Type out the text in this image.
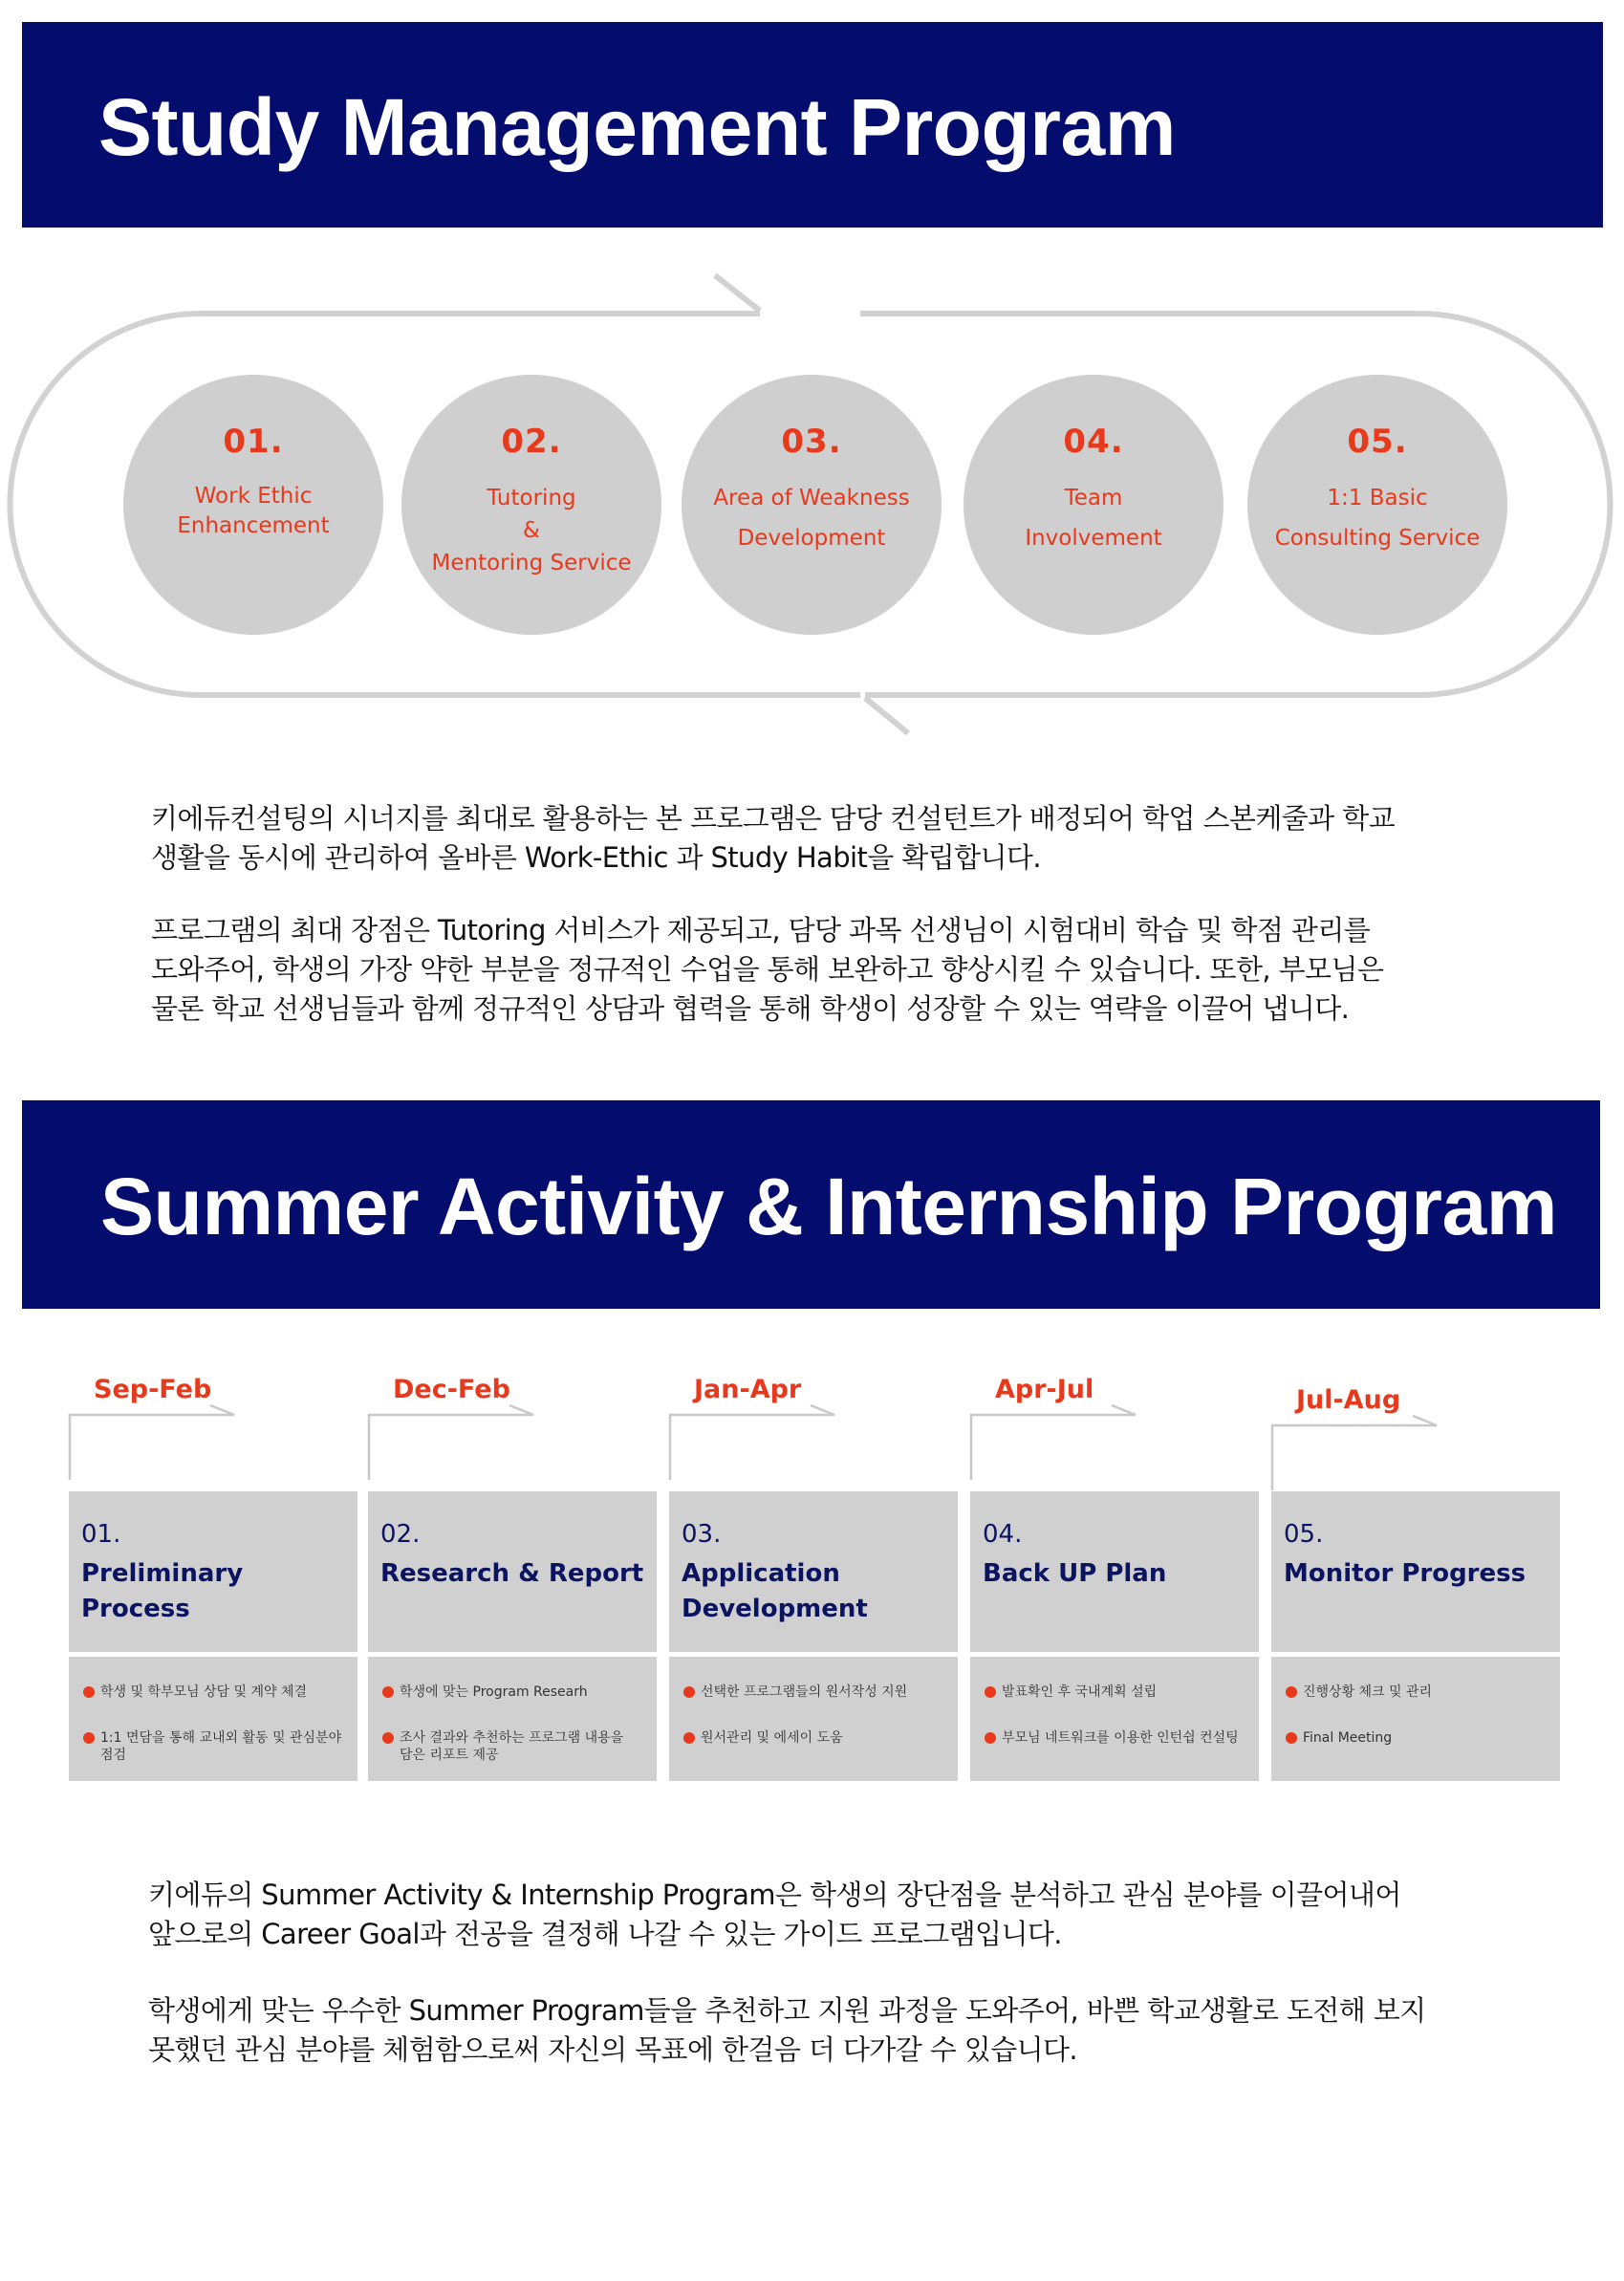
Study Management Program
01.
Work Ethic
Enhancement
02.
Tutoring
&
Mentoring Service
03.
Area of Weakness
Development
04.
Team
Involvement
05.
1:1 Basic
Consulting Service

키에듀컨설팅의 시너지를 최대로 활용하는 본 프로그램은 담당 컨설턴트가 배정되어 학업 스본케줄과 학교
생활을 동시에 관리하여 올바른 Work-Ethic 과 Study Habit을 확립합니다.

프로그램의 최대 장점은 Tutoring 서비스가 제공되고, 담당 과목 선생님이 시험대비 학습 및 학점 관리를
도와주어, 학생의 가장 약한 부분을 정규적인 수업을 통해 보완하고 향상시킬 수 있습니다. 또한, 부모님은
물론 학교 선생님들과 함께 정규적인 상담과 협력을 통해 학생이 성장할 수 있는 역략을 이끌어 냅니다.

Summer Activity & Internship Program
Sep-Feb
01.
Preliminary Process
학생 및 학부모님 상담 및 계약 체결
1:1 면담을 통해 교내외 활동 및 관심분야
점검
Dec-Feb
02.
Research & Report
학생에 맞는 Program Researh
조사 결과와 추천하는 프로그램 내용을
담은 리포트 제공
Jan-Apr
03.
Application
Development
선택한 프로그램들의 원서작성 지원
원서관리 및 에세이 도움
Apr-Jul
04.
Back UP Plan
발표확인 후 국내계획 설립
부모님 네트워크를 이용한 인턴쉽 컨설팅
Jul-Aug
05.
Monitor Progress
진행상황 체크 및 관리
Final Meeting

키에듀의 Summer Activity & Internship Program은 학생의 장단점을 분석하고 관심 분야를 이끌어내어
앞으로의 Career Goal과 전공을 결정해 나갈 수 있는 가이드 프로그램입니다.

학생에게 맞는 우수한 Summer Program들을 추천하고 지원 과정을 도와주어, 바쁜 학교생활로 도전해 보지
못했던 관심 분야를 체험함으로써 자신의 목표에 한걸음 더 다가갈 수 있습니다.
